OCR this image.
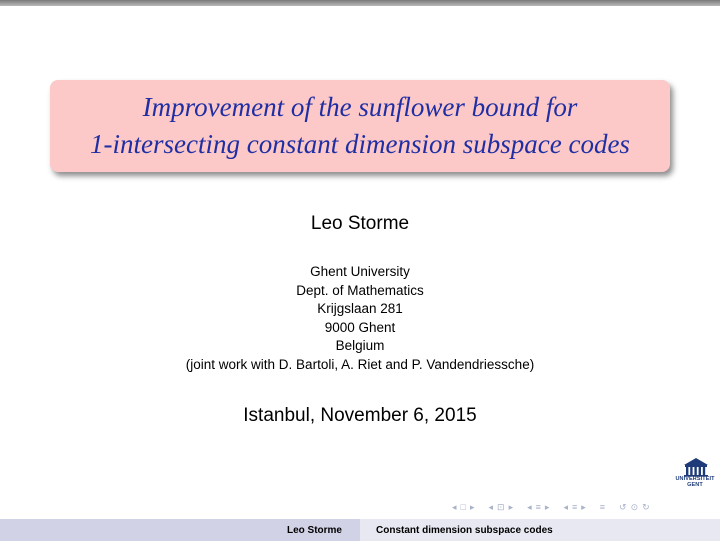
Improvement of the sunflower bound for
1-intersecting constant dimension subspace codes
Leo Storme
Ghent University
Dept. of Mathematics
Krijgslaan 281
9000 Ghent
Belgium
(joint work with D. Bartoli, A. Riet and P. Vandendriessche)
Istanbul, November 6, 2015
UNIVERSITEIT
GENT
◂ □ ▸ ◂ ⊡ ▸ ◂ ≡ ▸ ◂ ≡ ▸ ≡ ↺ ⊙ ↻
Leo Storme	Constant dimension subspace codes
